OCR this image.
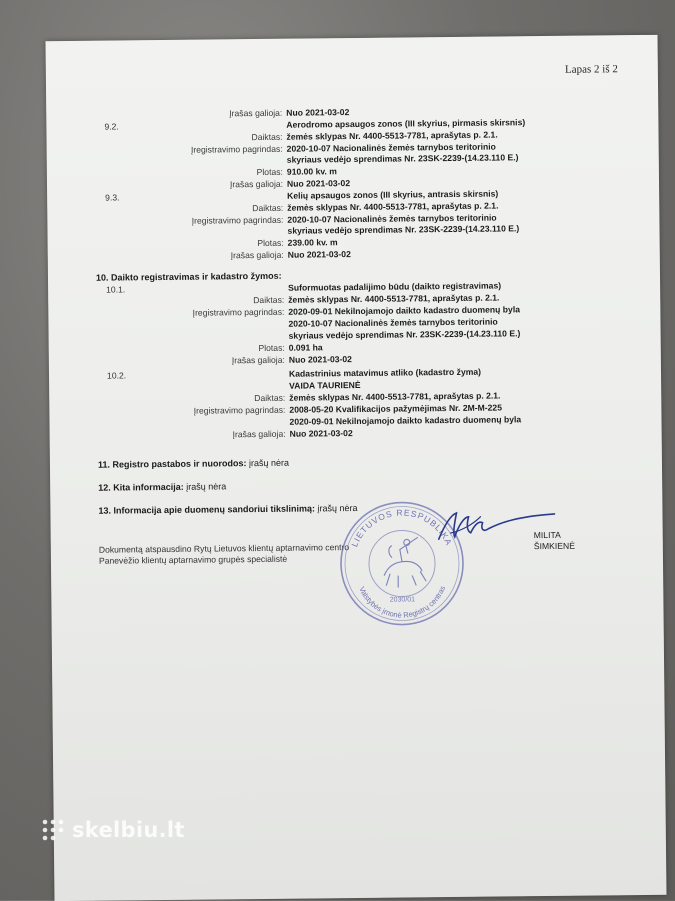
Lapas 2 iš 2
Įrašas galioja: Nuo 2021-03-02
9.2.	Aerodromo apsaugos zonos (III skyrius, pirmasis skirsnis)
Daiktas: žemės sklypas Nr. 4400-5513-7781, aprašytas p. 2.1.
Įregistravimo pagrindas: 2020-10-07 Nacionalinės žemės tarnybos teritorinio
skyriaus vedėjo sprendimas Nr. 23SK-2239-(14.23.110 E.)
Plotas: 910.00 kv. m
Įrašas galioja: Nuo 2021-03-02
9.3.	Kelių apsaugos zonos (III skyrius, antrasis skirsnis)
Daiktas: žemės sklypas Nr. 4400-5513-7781, aprašytas p. 2.1.
Įregistravimo pagrindas: 2020-10-07 Nacionalinės žemės tarnybos teritorinio
skyriaus vedėjo sprendimas Nr. 23SK-2239-(14.23.110 E.)
Plotas: 239.00 kv. m
Įrašas galioja: Nuo 2021-03-02
10. Daikto registravimas ir kadastro žymos:
10.1.	Suformuotas padalijimo būdu (daikto registravimas)
Daiktas: žemės sklypas Nr. 4400-5513-7781, aprašytas p. 2.1.
Įregistravimo pagrindas: 2020-09-01 Nekilnojamojo daikto kadastro duomenų byla
2020-10-07 Nacionalinės žemės tarnybos teritorinio
skyriaus vedėjo sprendimas Nr. 23SK-2239-(14.23.110 E.)
Plotas: 0.091 ha
Įrašas galioja: Nuo 2021-03-02
10.2.	Kadastrinius matavimus atliko (kadastro žyma)
VAIDA TAURIENĖ
Daiktas: žemės sklypas Nr. 4400-5513-7781, aprašytas p. 2.1.
Įregistravimo pagrindas: 2008-05-20 Kvalifikacijos pažymėjimas Nr. 2M-M-225
2020-09-01 Nekilnojamojo daikto kadastro duomenų byla
Įrašas galioja: Nuo 2021-03-02
11. Registro pastabos ir nuorodos: įrašų nėra
12. Kita informacija: įrašų nėra
13. Informacija apie duomenų sandoriui tikslinimą: įrašų nėra
Dokumentą atspausdino Rytų Lietuvos klientų aptarnavimo centro
Panevėžio klientų aptarnavimo grupės specialistė
MILITA
ŠIMKIENĖ
LIETUVOS RESPUBLIKA
Valstybės įmonė Registrų centras
2030/01
skelbiu.lt
